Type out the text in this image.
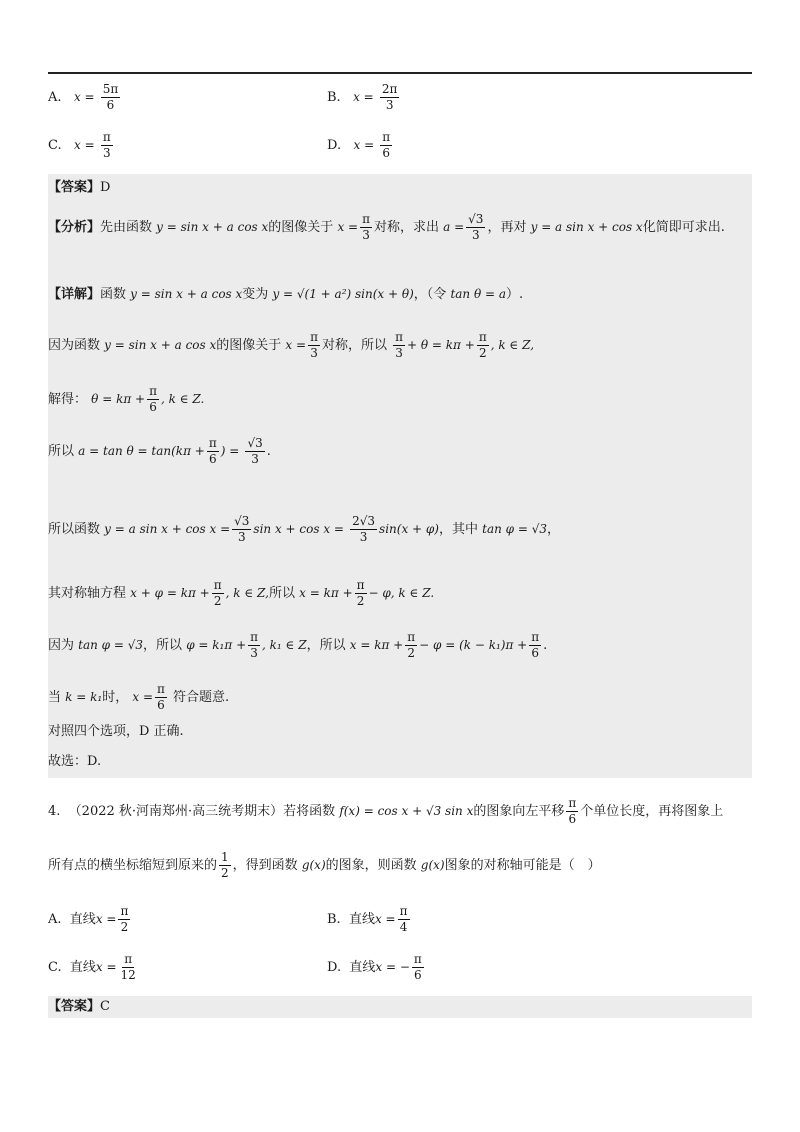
A. $x = \frac{5\pi}{6}$	B. $x = \frac{2\pi}{3}$
C. $x = \frac{\pi}{3}$	D. $x = \frac{\pi}{6}$
【答案】D
【分析】先由函数 y = sin x + a cos x的图像关于 $x = \frac{\pi}{3}$ 对称，求出 $a = \frac{√3}{3}$ ，再对 y = a sin x + cos x化简即可求出.
【详解】函数 y = sin x + a cos x变为 y = √(1 + a²) sin(x + θ)，（令 tan θ = a）.
因为函数 y = sin x + a cos x的图像关于 $x = \frac{\pi}{3}$ 对称，所以 $\frac{\pi}{3} + \theta = k\pi + \frac{\pi}{2}$ , k ∈ Z,
解得： $\theta = k\pi + \frac{\pi}{6}$ , k ∈ Z.
所以 $a = \tan \theta = \tan(k\pi + \frac{\pi}{6}$ ) = $\frac{√3}{3}$ .
所以函数 y = a $\sin x + \cos x = \frac{√3}{3}$ $\sin x + \cos x = \frac{2√3}{3} \sin(x + \varphi)$，其中 tan φ = √3，
其对称轴方程 $x + \varphi = k\pi + \frac{\pi}{2}$ , k ∈ Z,所以 $x = k\pi + \frac{\pi}{2} - \varphi$, k ∈ Z.
因为 tan φ = √3，所以 $\varphi = k_1\pi + \frac{\pi}{3}$ , k₁ ∈ Z，所以 $x = k\pi + \frac{\pi}{2} - \varphi = (k - k_1)\pi + \frac{\pi}{6}$ .
当 k = k₁时， $x = \frac{\pi}{6}$ 符合题意.
对照四个选项，D 正确.
故选：D.
4. （2022 秋·河南郑州·高三统考期末）若将函数 f(x) = cos x + √3 sin x的图象向左平移 $\frac{\pi}{6}$ 个单位长度，再将图象上
所有点的横坐标缩短到原来的 $\frac{1}{2}$ ，得到函数 g(x)的图象，则函数 g(x)图象的对称轴可能是（　）
A. 直线$x = \frac{\pi}{2}$	B. 直线$x = \frac{\pi}{4}$
C. 直线$x = \frac{\pi}{12}$	D. 直线x = − $\frac{\pi}{6}$
【答案】C
